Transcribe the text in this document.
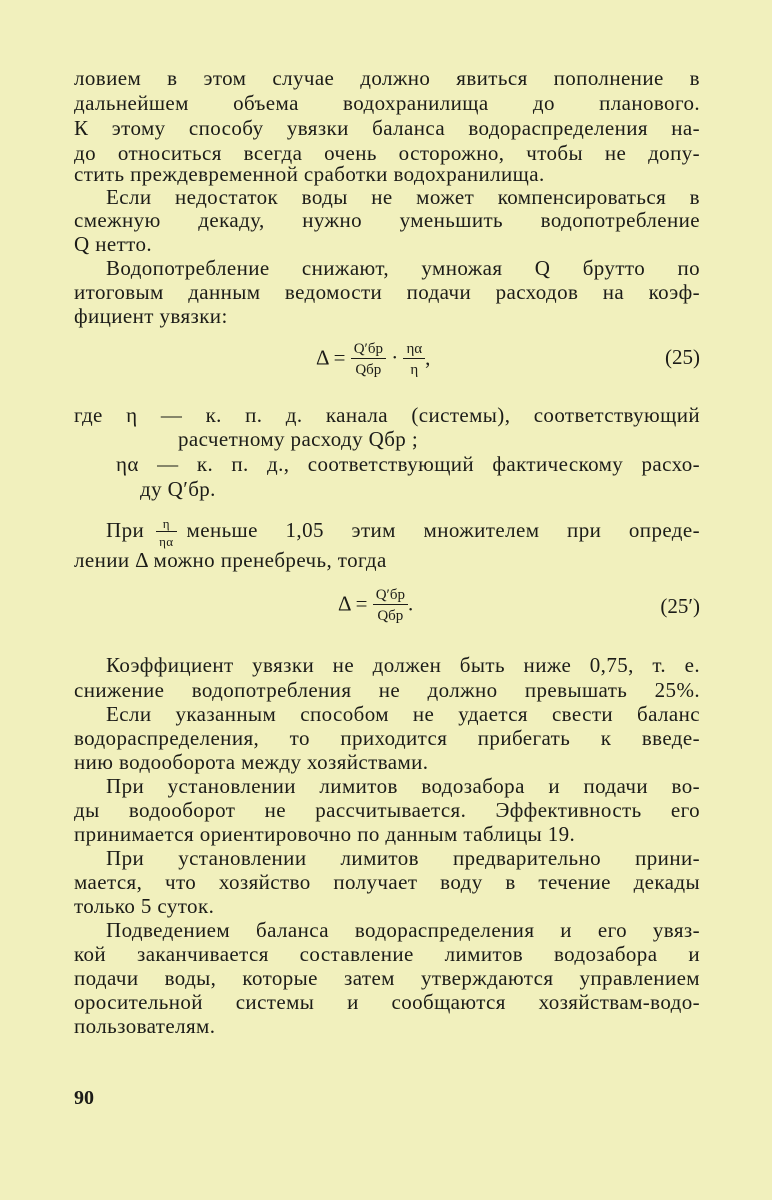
ловием в этом случае должно явиться пополнение в
дальнейшем объема водохранилища до планового.
К этому способу увязки баланса водораспределения на-
до относиться всегда очень осторожно, чтобы не допу-
стить преждевременной сработки водохранилища.
Если недостаток воды не может компенсироваться в
смежную декаду, нужно уменьшить водопотребление
Q нетто.
Водопотребление снижают, умножая Q брутто по
итоговым данным ведомости подачи расходов на коэф-
фициент увязки:
$\Delta = \frac{Q'бр}{\text{Qбр}} \cdot \frac{\eta\alpha}{\eta}$ ,	(25)
где η — к. п. д. канала (системы), соответствующий
расчетному расходу Qбр ;
ηα — к. п. д., соответствующий фактическому расхо-
ду Q′бр.
При $\frac{\eta}{\eta\alpha}$ меньше 1,05 этим множителем при опреде-
лении Δ можно пренебречь, тогда
$\Delta = \frac{Q'бр}{\text{Qбр}}$ .	(25′)
Коэффициент увязки не должен быть ниже 0,75, т. е.
снижение водопотребления не должно превышать 25%.
Если указанным способом не удается свести баланс
водораспределения, то приходится прибегать к введе-
нию водооборота между хозяйствами.
При установлении лимитов водозабора и подачи во-
ды водооборот не рассчитывается. Эффективность его
принимается ориентировочно по данным таблицы 19.
При установлении лимитов предварительно прини-
мается, что хозяйство получает воду в течение декады
только 5 суток.
Подведением баланса водораспределения и его увяз-
кой заканчивается составление лимитов водозабора и
подачи воды, которые затем утверждаются управлением
оросительной системы и сообщаются хозяйствам-водо-
пользователям.
90
